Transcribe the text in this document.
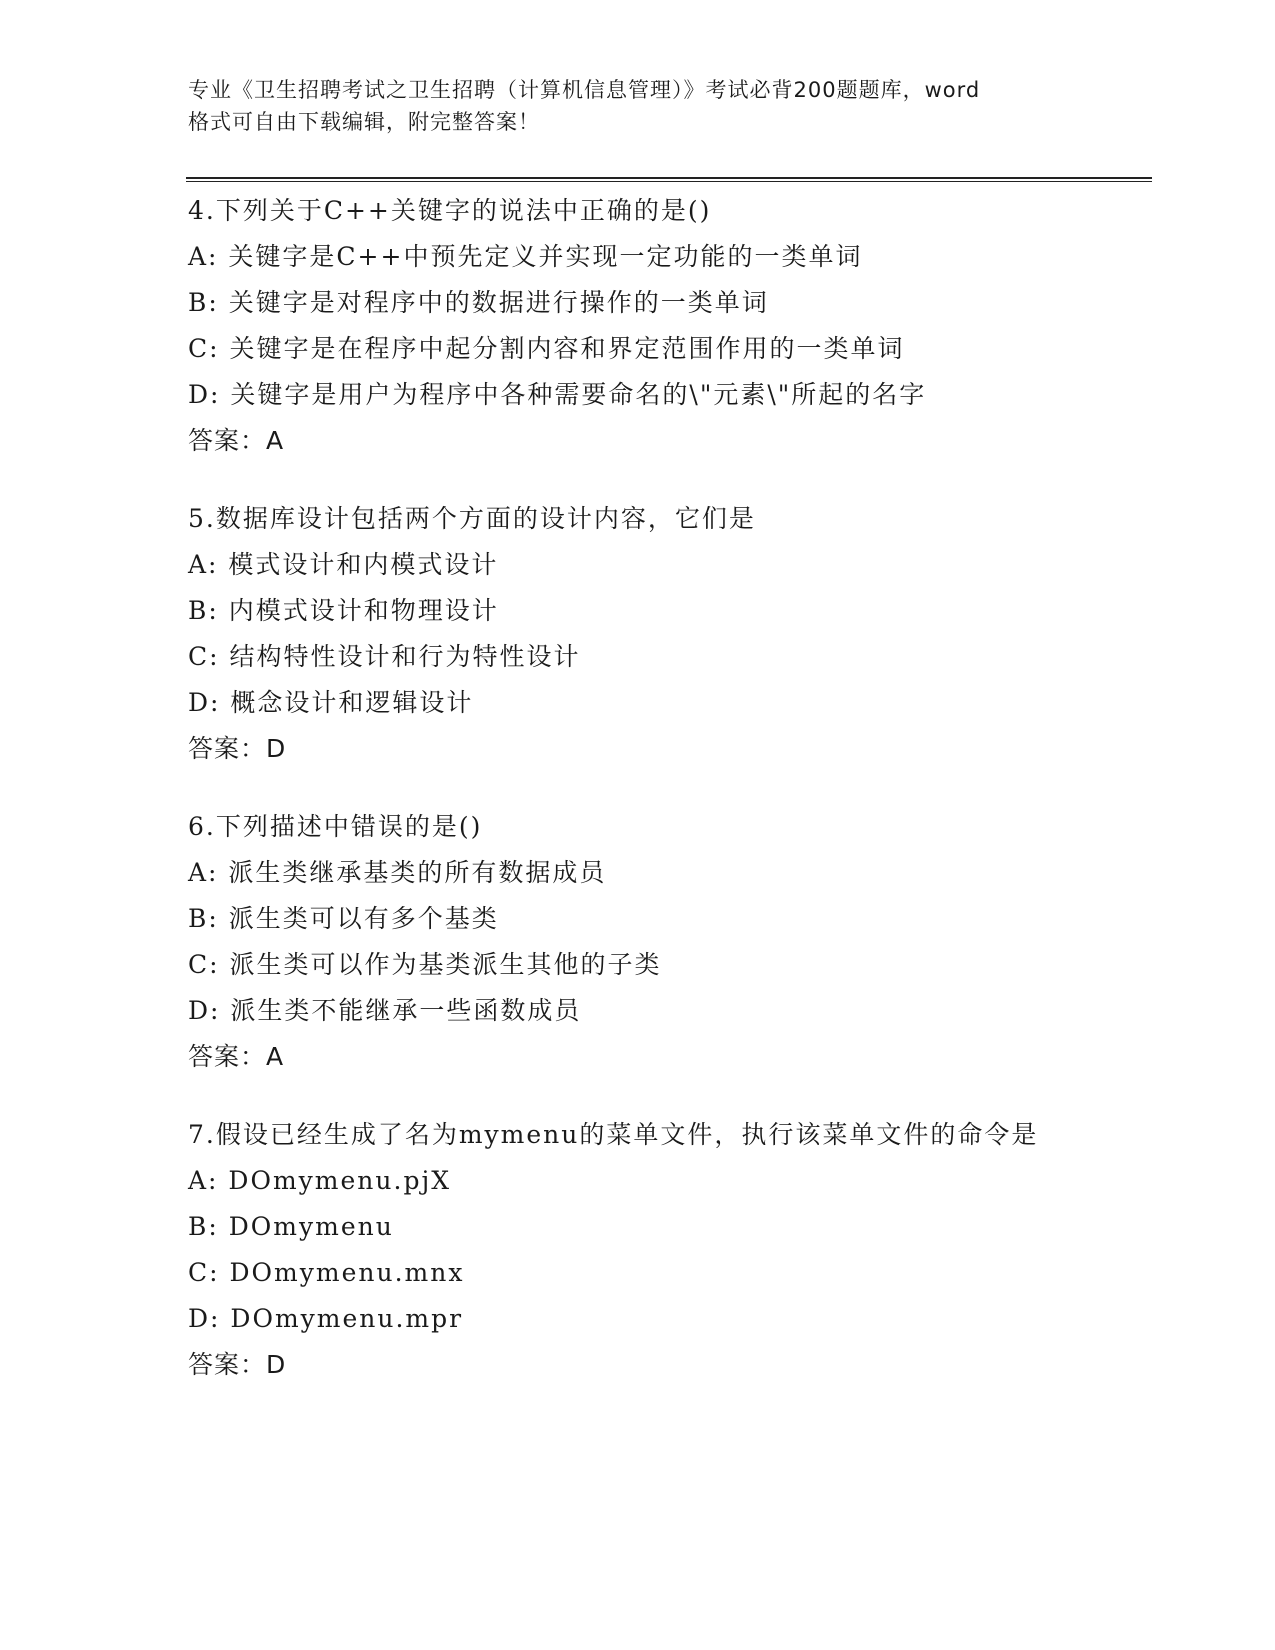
专业《卫生招聘考试之卫生招聘（计算机信息管理）》考试必背200题题库，word
格式可自由下载编辑，附完整答案！
4.下列关于C++关键字的说法中正确的是()
A: 关键字是C++中预先定义并实现一定功能的一类单词
B: 关键字是对程序中的数据进行操作的一类单词
C: 关键字是在程序中起分割内容和界定范围作用的一类单词
D: 关键字是用户为程序中各种需要命名的\"元素\"所起的名字
答案：A
5.数据库设计包括两个方面的设计内容，它们是
A: 模式设计和内模式设计
B: 内模式设计和物理设计
C: 结构特性设计和行为特性设计
D: 概念设计和逻辑设计
答案：D
6.下列描述中错误的是()
A: 派生类继承基类的所有数据成员
B: 派生类可以有多个基类
C: 派生类可以作为基类派生其他的子类
D: 派生类不能继承一些函数成员
答案：A
7.假设已经生成了名为mymenu的菜单文件，执行该菜单文件的命令是
A: DOmymenu.pjX
B: DOmymenu
C: DOmymenu.mnx
D: DOmymenu.mpr
答案：D
